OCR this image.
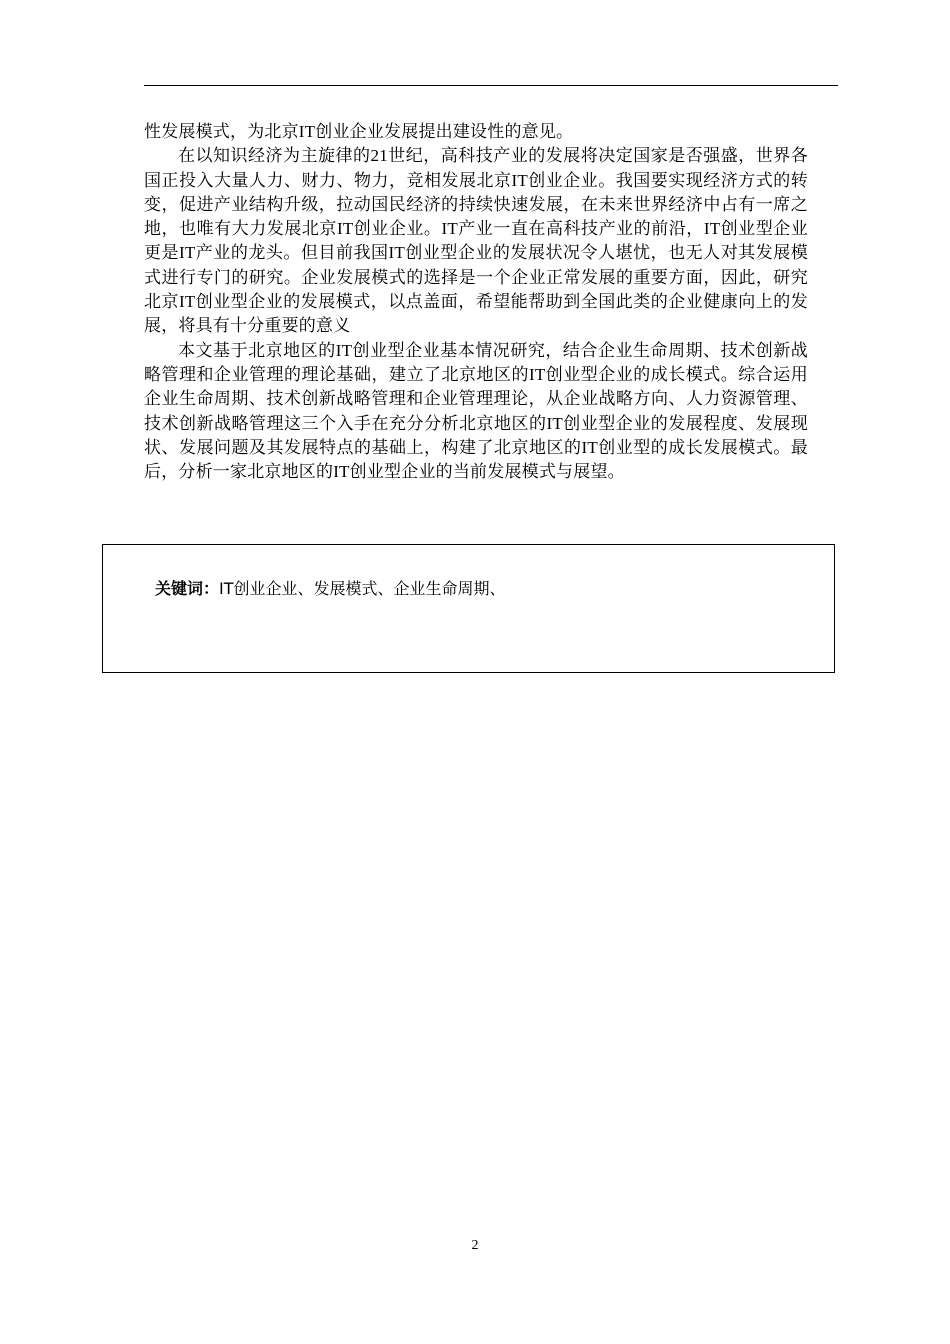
性发展模式，为北京IT创业企业发展提出建设性的意见。

在以知识经济为主旋律的21世纪，高科技产业的发展将决定国家是否强盛，世界各国正投入大量人力、财力、物力，竞相发展北京IT创业企业。我国要实现经济方式的转变，促进产业结构升级，拉动国民经济的持续快速发展，在未来世界经济中占有一席之地，也唯有大力发展北京IT创业企业。IT产业一直在高科技产业的前沿，IT创业型企业更是IT产业的龙头。但目前我国IT创业型企业的发展状况令人堪忧，也无人对其发展模式进行专门的研究。企业发展模式的选择是一个企业正常发展的重要方面，因此，研究北京IT创业型企业的发展模式，以点盖面，希望能帮助到全国此类的企业健康向上的发展，将具有十分重要的意义

本文基于北京地区的IT创业型企业基本情况研究，结合企业生命周期、技术创新战略管理和企业管理的理论基础，建立了北京地区的IT创业型企业的成长模式。综合运用企业生命周期、技术创新战略管理和企业管理理论，从企业战略方向、人力资源管理、技术创新战略管理这三个入手在充分分析北京地区的IT创业型企业的发展程度、发展现状、发展问题及其发展特点的基础上，构建了北京地区的IT创业型的成长发展模式。最后，分析一家北京地区的IT创业型企业的当前发展模式与展望。

关键词：IT创业企业、发展模式、企业生命周期、
2
